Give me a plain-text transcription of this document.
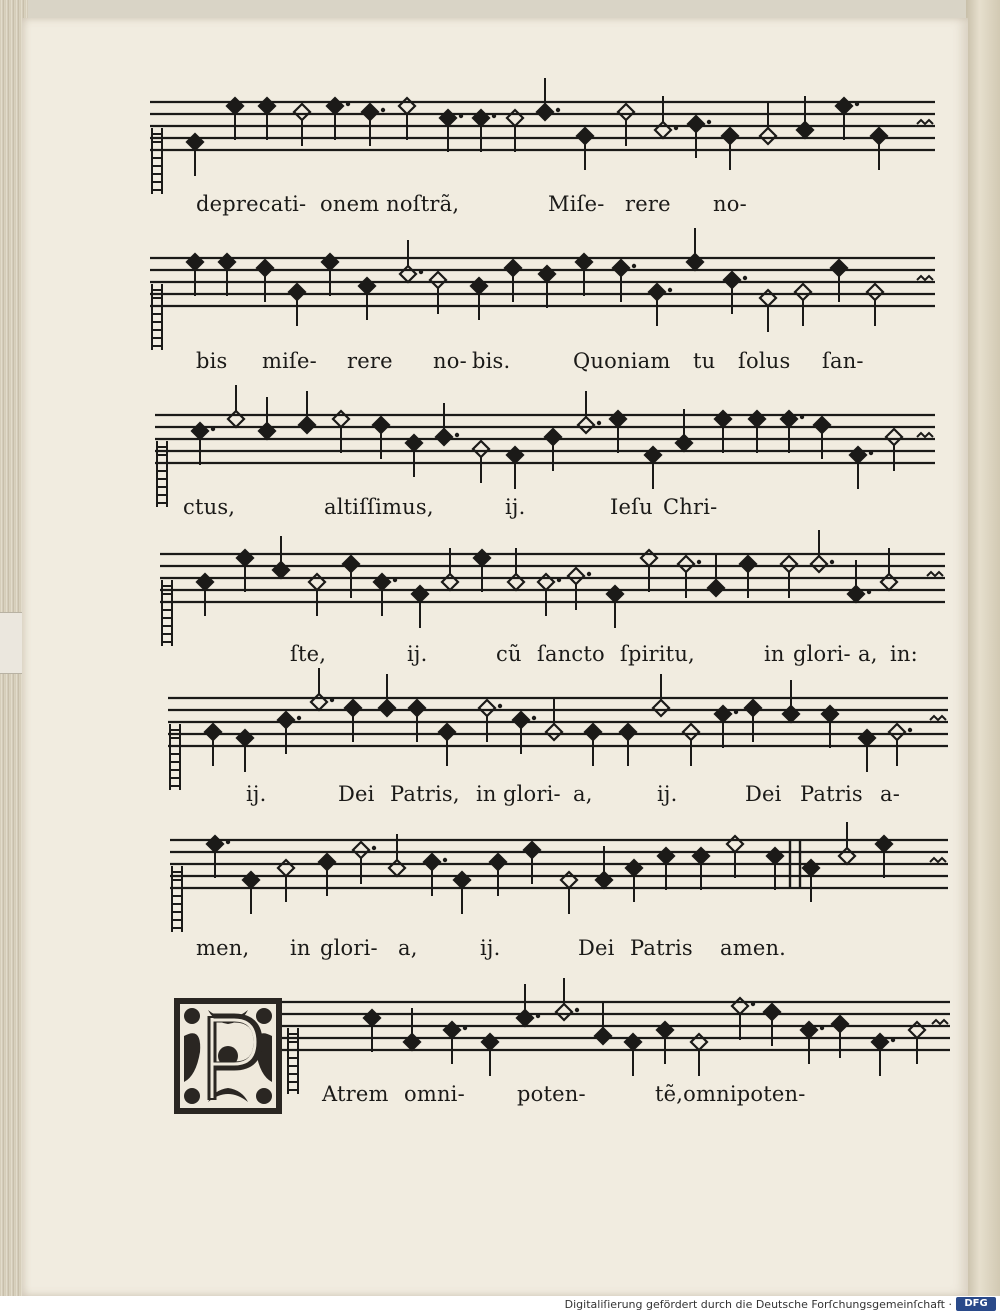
deprecati- onem noſtrã,	Miſe- rere no-
bis miſe- rere no- bis.	Quoniam tu ſolus ſan-
ctus,	altiſſimus,	ij.	Ieſu Chri-
ſte,	ij.	cũ ſancto ſpiritu,	in glori- a, in:
ij.	Dei Patris, in glori- a,	ij.	Dei Patris a-
men, in glori- a,	ij.	Dei Patris amen.
Atrem omni- poten-	tẽ,omnipoten-
Digitaliſierung gefördert durch die Deutsche Forſchungsgemeinſchaft ·	DFG
